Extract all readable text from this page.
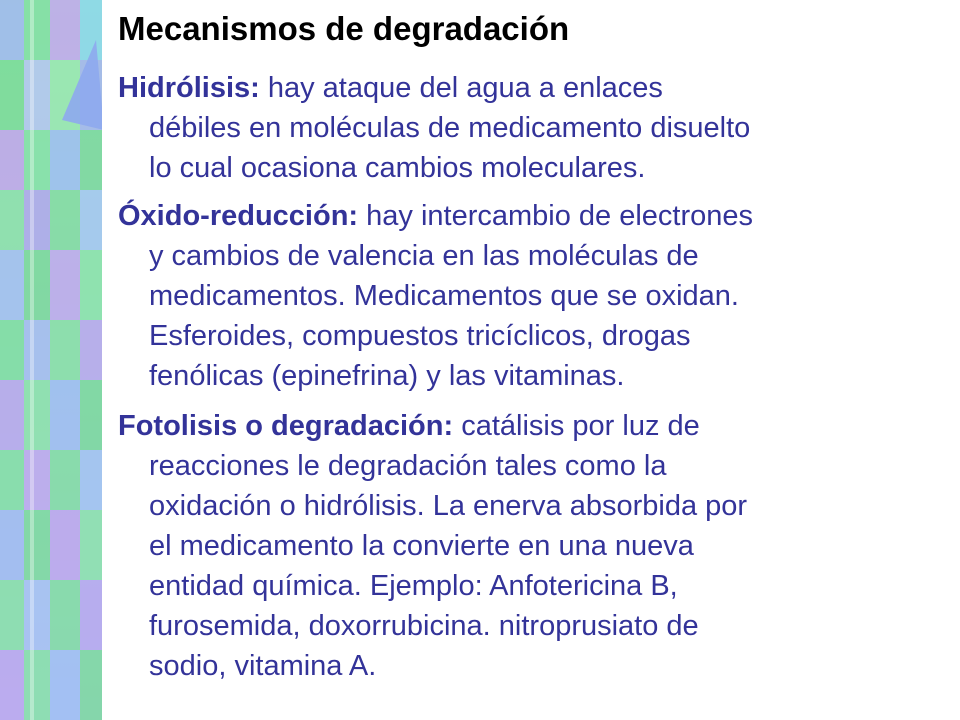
Mecanismos de degradación
Hidrólisis: hay ataque del agua a enlaces
débiles en moléculas de medicamento disuelto
lo cual ocasiona cambios moleculares.
Óxido-reducción: hay intercambio de electrones
y cambios de valencia en las moléculas de
medicamentos. Medicamentos que se oxidan.
Esferoides, compuestos tricíclicos, drogas
fenólicas (epinefrina) y las vitaminas.
Fotolisis o degradación: catálisis por luz de
reacciones le degradación tales como la
oxidación o hidrólisis. La enerva absorbida por
el medicamento la convierte en una nueva
entidad química. Ejemplo: Anfotericina B,
furosemida, doxorrubicina. nitroprusiato de
sodio, vitamina A.
